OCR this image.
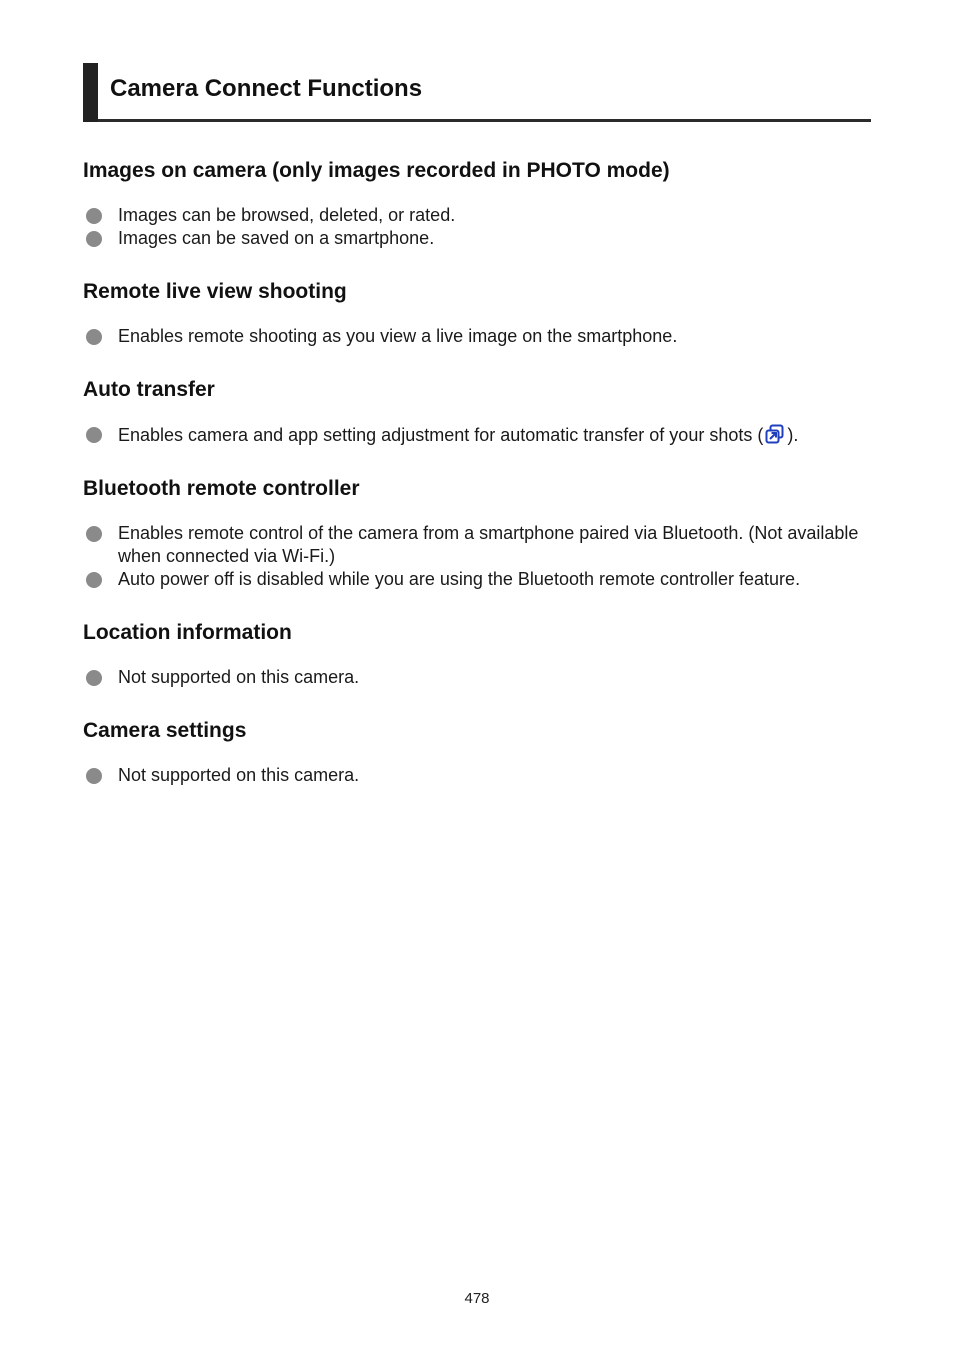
Camera Connect Functions
Images on camera (only images recorded in PHOTO mode)
Images can be browsed, deleted, or rated.
Images can be saved on a smartphone.
Remote live view shooting
Enables remote shooting as you view a live image on the smartphone.
Auto transfer
Enables camera and app setting adjustment for automatic transfer of your shots ( ).
Bluetooth remote controller
Enables remote control of the camera from a smartphone paired via Bluetooth. (Not available when connected via Wi-Fi.)
Auto power off is disabled while you are using the Bluetooth remote controller feature.
Location information
Not supported on this camera.
Camera settings
Not supported on this camera.
478
